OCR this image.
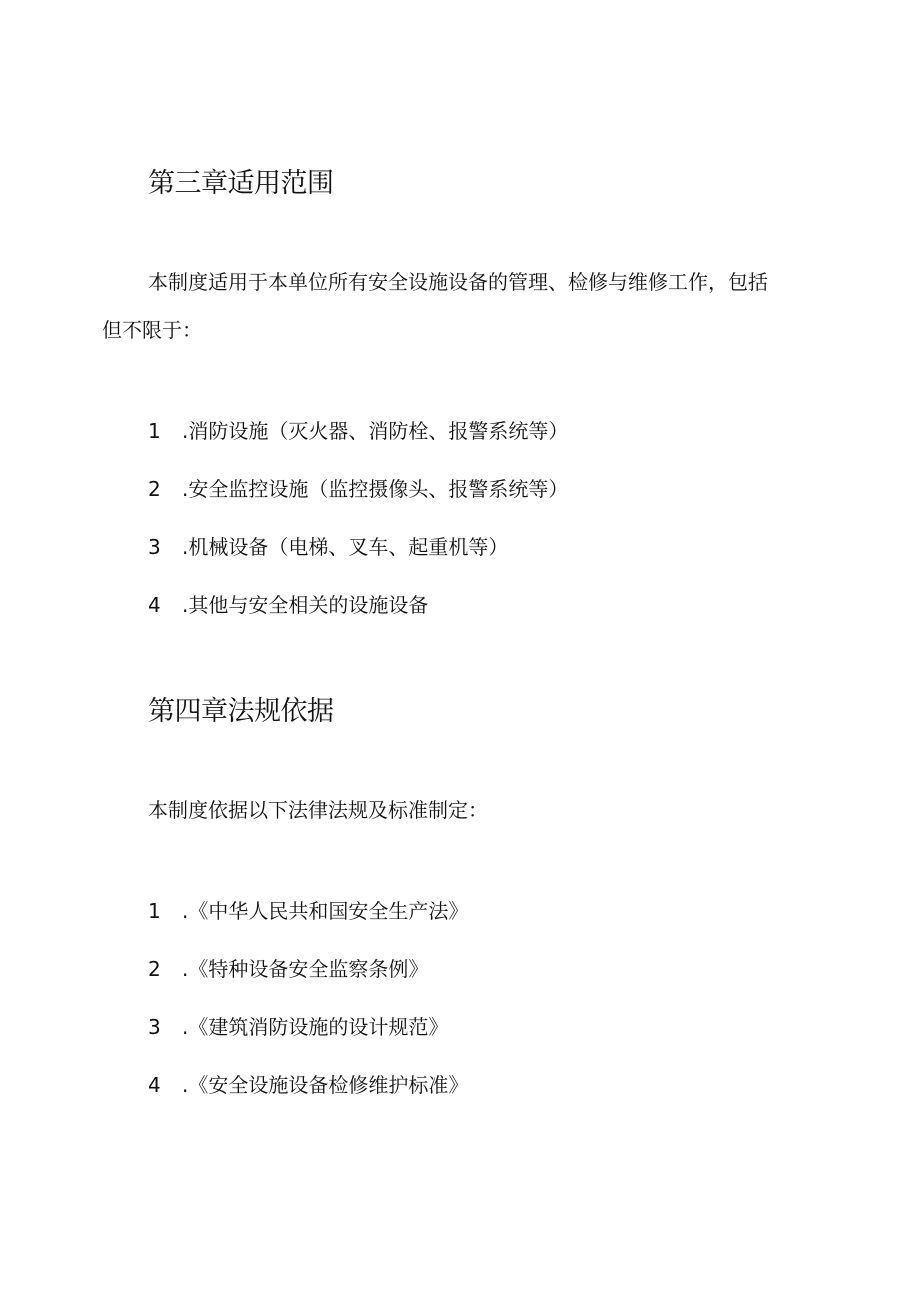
第三章适用范围

本制度适用于本单位所有安全设施设备的管理、检修与维修工作，包括
但不限于：

1 .消防设施（灭火器、消防栓、报警系统等）

2 .安全监控设施（监控摄像头、报警系统等）

3 .机械设备（电梯、叉车、起重机等）

4 .其他与安全相关的设施设备

第四章法规依据

本制度依据以下法律法规及标准制定：

1 .《中华人民共和国安全生产法》

2 .《特种设备安全监察条例》

3 .《建筑消防设施的设计规范》

4 .《安全设施设备检修维护标准》
